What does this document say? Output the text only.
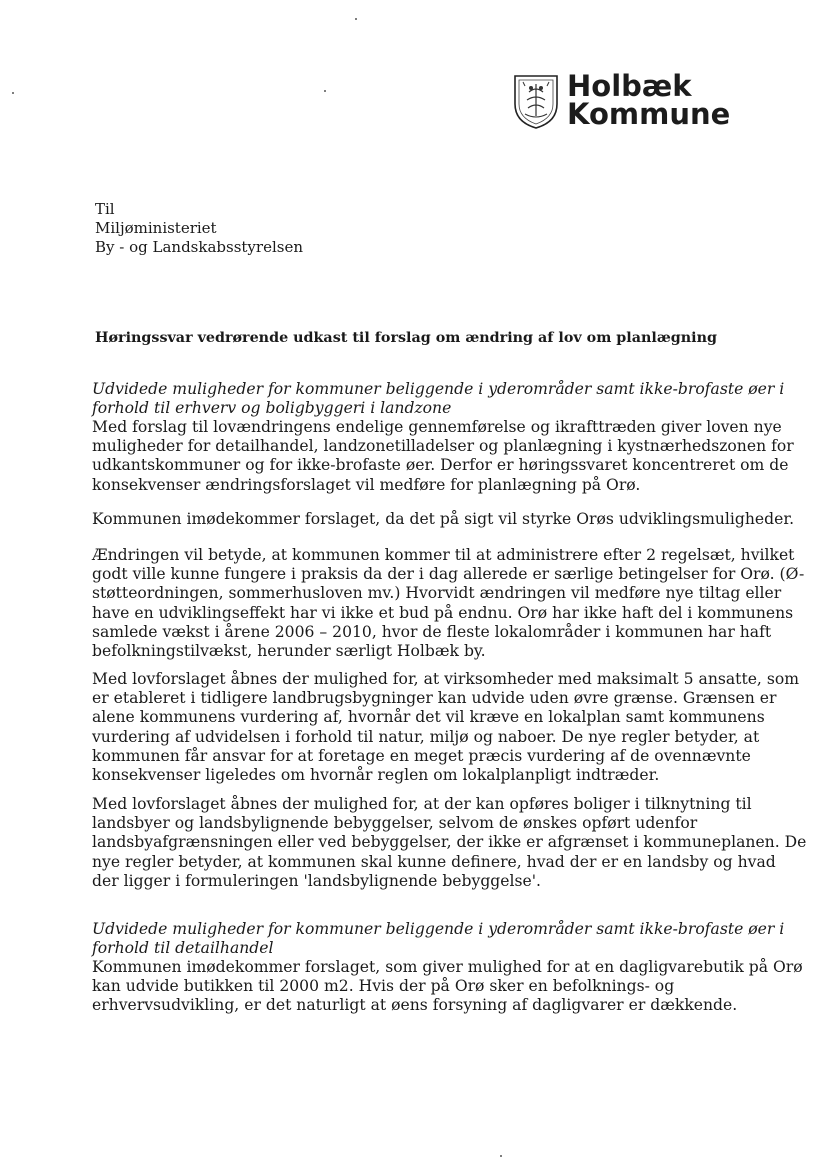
Holbæk
Kommune
Til
Miljøministeriet
By - og Landskabsstyrelsen
Høringssvar vedrørende udkast til forslag om ændring af lov om planlægning
Udvidede muligheder for kommuner beliggende i yderområder samt ikke-brofaste øer i
forhold til erhverv og boligbyggeri i landzone
Med forslag til lovændringens endelige gennemførelse og ikrafttræden giver loven nye
muligheder for detailhandel, landzonetilladelser og planlægning i kystnærhedszonen for
udkantskommuner og for ikke-brofaste øer. Derfor er høringssvaret koncentreret om de
konsekvenser ændringsforslaget vil medføre for planlægning på Orø.
Kommunen imødekommer forslaget, da det på sigt vil styrke Orøs udviklingsmuligheder.
Ændringen vil betyde, at kommunen kommer til at administrere efter 2 regelsæt, hvilket
godt ville kunne fungere i praksis da der i dag allerede er særlige betingelser for Orø. (Ø-
støtteordningen, sommerhusloven mv.) Hvorvidt ændringen vil medføre nye tiltag eller
have en udviklingseffekt har vi ikke et bud på endnu. Orø har ikke haft del i kommunens
samlede vækst i årene 2006 – 2010, hvor de fleste lokalområder i kommunen har haft
befolkningstilvækst, herunder særligt Holbæk by.
Med lovforslaget åbnes der mulighed for, at virksomheder med maksimalt 5 ansatte, som
er etableret i tidligere landbrugsbygninger kan udvide uden øvre grænse. Grænsen er
alene kommunens vurdering af, hvornår det vil kræve en lokalplan samt kommunens
vurdering af udvidelsen i forhold til natur, miljø og naboer. De nye regler betyder, at
kommunen får ansvar for at foretage en meget præcis vurdering af de ovennævnte
konsekvenser ligeledes om hvornår reglen om lokalplanpligt indtræder.
Med lovforslaget åbnes der mulighed for, at der kan opføres boliger i tilknytning til
landsbyer og landsbylignende bebyggelser, selvom de ønskes opført udenfor
landsbyafgrænsningen eller ved bebyggelser, der ikke er afgrænset i kommuneplanen. De
nye regler betyder, at kommunen skal kunne definere, hvad der er en landsby og hvad
der ligger i formuleringen 'landsbylignende bebyggelse'.
Udvidede muligheder for kommuner beliggende i yderområder samt ikke-brofaste øer i
forhold til detailhandel
Kommunen imødekommer forslaget, som giver mulighed for at en dagligvarebutik på Orø
kan udvide butikken til 2000 m2. Hvis der på Orø sker en befolknings- og
erhvervsudvikling, er det naturligt at øens forsyning af dagligvarer er dækkende.
